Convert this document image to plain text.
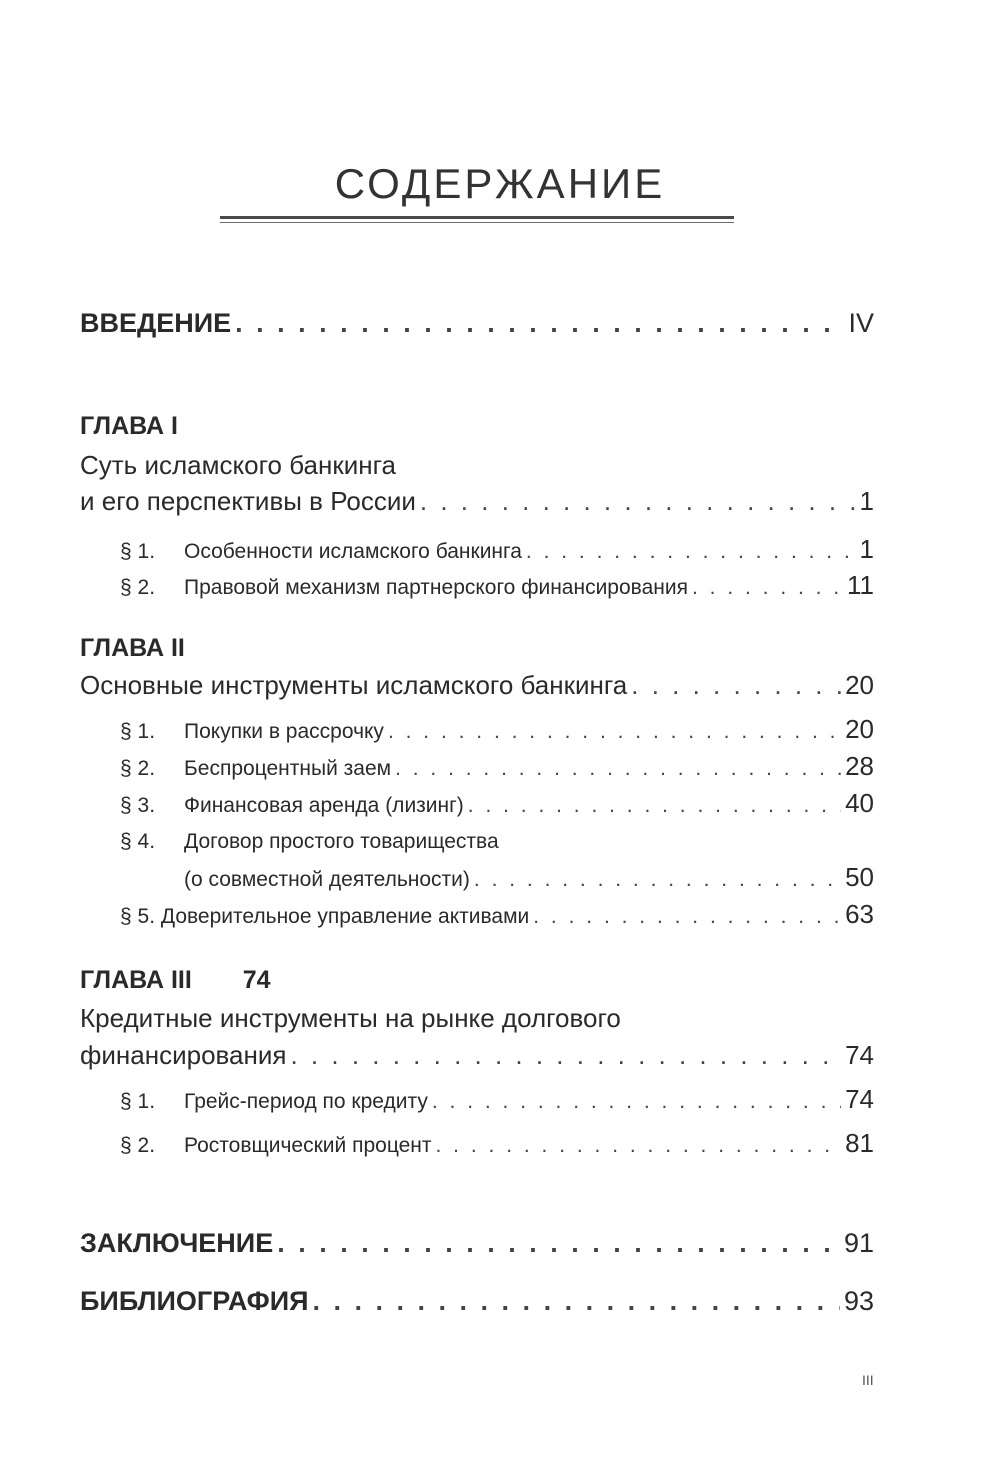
СОДЕРЖАНИЕ
ВВЕДЕНИЕ . . .	IV
ГЛАВА I
Суть исламского банкинга
и его перспективы в России . . .	1
§ 1.	Особенности исламского банкинга . . .	1
§ 2.	Правовой механизм партнерского финансирования . . .	11
ГЛАВА II
Основные инструменты исламского банкинга . . .	20
§ 1.	Покупки в рассрочку . . .	20
§ 2.	Беспроцентный заем . . .	28
§ 3.	Финансовая аренда (лизинг) . . .	40
§ 4.	Договор простого товарищества
(о совместной деятельности) . . .	50
§ 5. Доверительное управление активами . . .	63
ГЛАВА III 74
Кредитные инструменты на рынке долгового
финансирования . . .	74
§ 1.	Грейс-период по кредиту . . .	74
§ 2.	Ростовщический процент . . .	81
ЗАКЛЮЧЕНИЕ . . .	91
БИБЛИОГРАФИЯ . . .	93
III
